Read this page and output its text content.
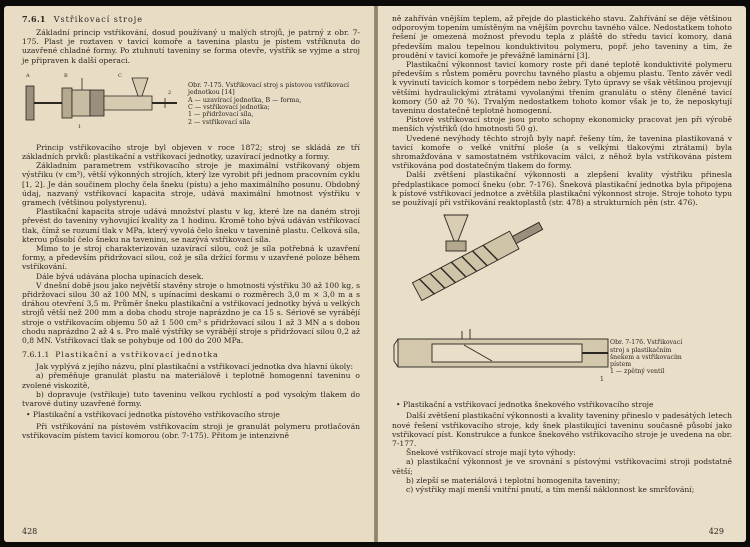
7.6.1 Vstřikovací stroje

Základní princip vstřikování, dosud používaný u malých strojů, je patrný z obr. 7-175. Plast je roztaven v tavicí komoře a tavenina plastu je pístem vstříknuta do uzavřené chladné formy. Po ztuhnutí taveniny se forma otevře, výstřik se vyjme a stroj je připraven k další operaci.

A	B	C
1
2
Obr. 7-175. Vstřikovací stroj s pístovou vstřikovací jednotkou [14]
A — uzavírací jednotka, B — forma,
C — vstřikovací jednotka;
1 — přidržovací síla,
2 — vstřikovací síla

Princip vstřikovacího stroje byl objeven v roce 1872; stroj se skládá ze tří základních prvků: plastikační a vstřikovací jednotky, uzavírací jednotky a formy.

Základním parametrem vstřikovacího stroje je maximální vstřikovaný objem výstřiku (v cm³), větší výkonných strojích, který lze vyrobit při jednom pracovním cyklu [1, 2]. Je dán součinem plochy čela šneku (pístu) a jeho maximálního posunu. Obdobný údaj, nazvaný vstřikovací kapacita stroje, udává maximální hmotnost výstřiku v gramech (většinou polystyrenu).

Plastikační kapacita stroje udává množství plastu v kg, které lze na daném stroji převést do taveniny vyhovující kvality za 1 hodinu. Kromě toho bývá udáván vstřikovací tlak, čímž se rozumí tlak v MPa, který vyvolá čelo šneku v tavenině plastu. Celková síla, kterou působí čelo šneku na taveninu, se nazývá vstřikovací síla.

Mimo to je stroj charakterizován uzavírací silou, což je síla potřebná k uzavření formy, a především přidržovací silou, což je síla držící formu v uzavřené poloze během vstřikování.

Dále bývá udávána plocha upínacích desek.

V dnešní době jsou jako největší stavěny stroje o hmotnosti výstřiku 30 až 100 kg, s přidržovací silou 30 až 100 MN, s upínacími deskami o rozměrech 3,0 m × 3,0 m a s dráhou otevření 3,5 m. Průměr šneku plastikační a vstřikovací jednotky bývá u velkých strojů větší než 200 mm a doba chodu stroje naprázdno je ca 15 s. Sériově se vyrábějí stroje o vstřikovacím objemu 50 až 1 500 cm³ s přidržovací silou 1 až 3 MN a s dobou chodu naprázdno 2 až 4 s. Pro malé výstřiky se vyrábějí stroje s přidržovací silou 0,2 až 0,8 MN. Vstřikovací tlak se pohybuje od 100 do 200 MPa.

7.6.1.1 Plastikační a vstřikovací jednotka

Jak vyplývá z jejího názvu, plní plastikační a vstřikovací jednotka dva hlavní úkoly:

a) přeměňuje granulát plastu na materiálově i teplotně homogenní taveninu o zvolené viskozitě,

b) dopravuje (vstřikuje) tuto taveninu velkou rychlostí a pod vysokým tlakem do tvarové dutiny uzavřené formy.

• Plastikační a vstřikovací jednotka pístového vstřikovacího stroje

Při vstřikování na pístovém vstřikovacím stroji je granulát polymeru protlačován vstřikovacím pístem tavicí komorou (obr. 7-175). Přitom je intenzivně

428

ně zahříván vnějším teplem, až přejde do plastického stavu. Zahřívání se děje většinou odporovým topením umístěným na vnějším povrchu tavného válce. Nedostatkem tohoto řešení je omezená možnost převodu tepla z pláště do středu tavicí komory, daná především malou tepelnou konduktivitou polymeru, popř. jeho taveniny a tím, že proudění v tavicí komoře je převážně laminární [3].

Plastikační výkonnost tavicí komory roste při dané teplotě konduktivité polymeru především s růstem poměru povrchu tavného plastu a objemu plastu. Tento závěr vedl k vyvinutí tavicích komor s torpédem nebo žebry. Tyto úpravy se však většinou projevují většími hydraulickými ztrátami vyvolanými třením granulátu o stěny členěné tavicí komory (50 až 70 %). Trvalým nedostatkem tohoto komor však je to, že neposkytují taveninu dostatečně teplotně homogenní.

Pístové vstřikovací stroje jsou proto schopny ekonomicky pracovat jen při výrobě menších výstřiků (do hmotnosti 50 g).

Uvedené nevýhody těchto strojů byly např. řešeny tím, že tavenina plastikovaná v tavicí komoře o velké vnitřní ploše (a s velkými tlakovými ztrátami) byla shromažďována v samostatném vstřikovacím válci, z něhož byla vstřikována pístem vstřikována pod dostatečným tlakem do formy.

Další zvětšení plastikační výkonnosti a zlepšení kvality výstřiku přinesla předplastikace pomocí šneku (obr. 7-176). Šneková plastikační jednotka byla připojena k pístové vstřikovací jednotce a zvětšila plastikační výkonnost stroje. Stroje tohoto typu se používají při vstřikování reaktoplastů (str. 478) a strukturních pěn (str. 476).

1
Obr. 7-176. Vstřikovací
stroj s plastikačním
šnekem a vstřikovacím
pístem
1 — zpětný ventil

• Plastikační a vstřikovací jednotka šnekového vstřikovacího stroje

Další zvětšení plastikační výkonnosti a kvality taveniny přineslo v padesátých letech nové řešení vstřikovacího stroje, kdy šnek plastikující taveninu současně působí jako vstřikovací píst. Konstrukce a funkce šnekového vstřikovacího stroje je uvedena na obr. 7-177.

Šnekové vstřikovací stroje mají tyto výhody:

a) plastikační výkonnost je ve srovnání s pístovými vstřikovacími stroji podstatně větší;

b) zlepší se materiálová i teplotní homogenita taveniny;

c) výstřiky mají menší vnitřní pnutí, a tím menší náklonnost ke smršťování;

429
